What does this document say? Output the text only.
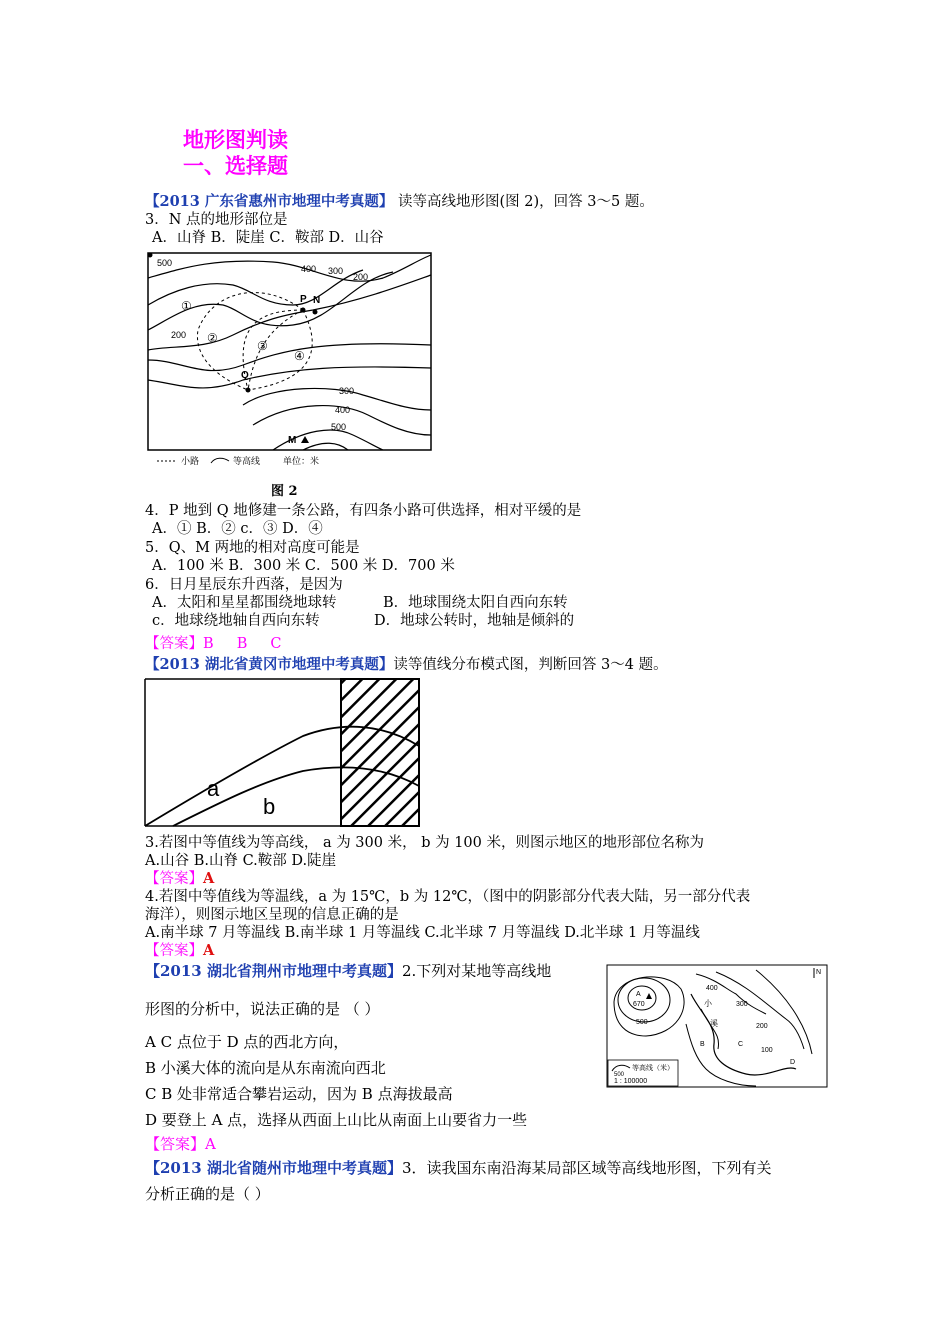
地形图判读
一、选择题
【2013 广东省惠州市地理中考真题】 读等高线地形图(图 2)，回答 3～5 题。
3．N 点的地形部位是
A．山脊 B．陡崖 C．鞍部 D．山谷
500
400 300
200
200
300
400
500
P N
Q
M
①
②
③
④
小路	等高线	单位：米
图 2
4．P 地到 Q 地修建一条公路，有四条小路可供选择，相对平缓的是
A．① B．② c．③ D．④
5．Q、M 两地的相对高度可能是
A．100 米 B．300 米 C．500 米 D．700 米
6．日月星辰东升西落，是因为
A．太阳和星星都围绕地球转	B．地球围绕太阳自西向东转
c．地球绕地轴自西向东转	D．地球公转时，地轴是倾斜的
【答案】B     B     C
【2013 湖北省黄冈市地理中考真题】读等值线分布模式图，判断回答 3～4 题。
a
b
3.若图中等值线为等高线， a 为 300 米， b 为 100 米，则图示地区的地形部位名称为
A.山谷 B.山脊 C.鞍部 D.陡崖
【答案】A
4.若图中等值线为等温线，a 为 15℃，b 为 12℃，（图中的阴影部分代表大陆，另一部分代表
海洋），则图示地区呈现的信息正确的是
A.南半球 7 月等温线 B.南半球 1 月等温线 C.北半球 7 月等温线 D.北半球 1 月等温线
【答案】A
【2013 湖北省荆州市地理中考真题】2.下列对某地等高线地
形图的分析中，说法正确的是 （ ）
A C 点位于 D 点的西北方向，
B 小溪大体的流向是从东南流向西北
C B 处非常适合攀岩运动，因为 B 点海拔最高
D 要登上 A 点，选择从西面上山比从南面上山要省力一些
【答案】A
A
670
400
500
300
200
100
小
溪
B	C
D
N
500
等高线（米）
1 : 100000
【2013 湖北省随州市地理中考真题】3．读我国东南沿海某局部区域等高线地形图，下列有关
分析正确的是（ ）
